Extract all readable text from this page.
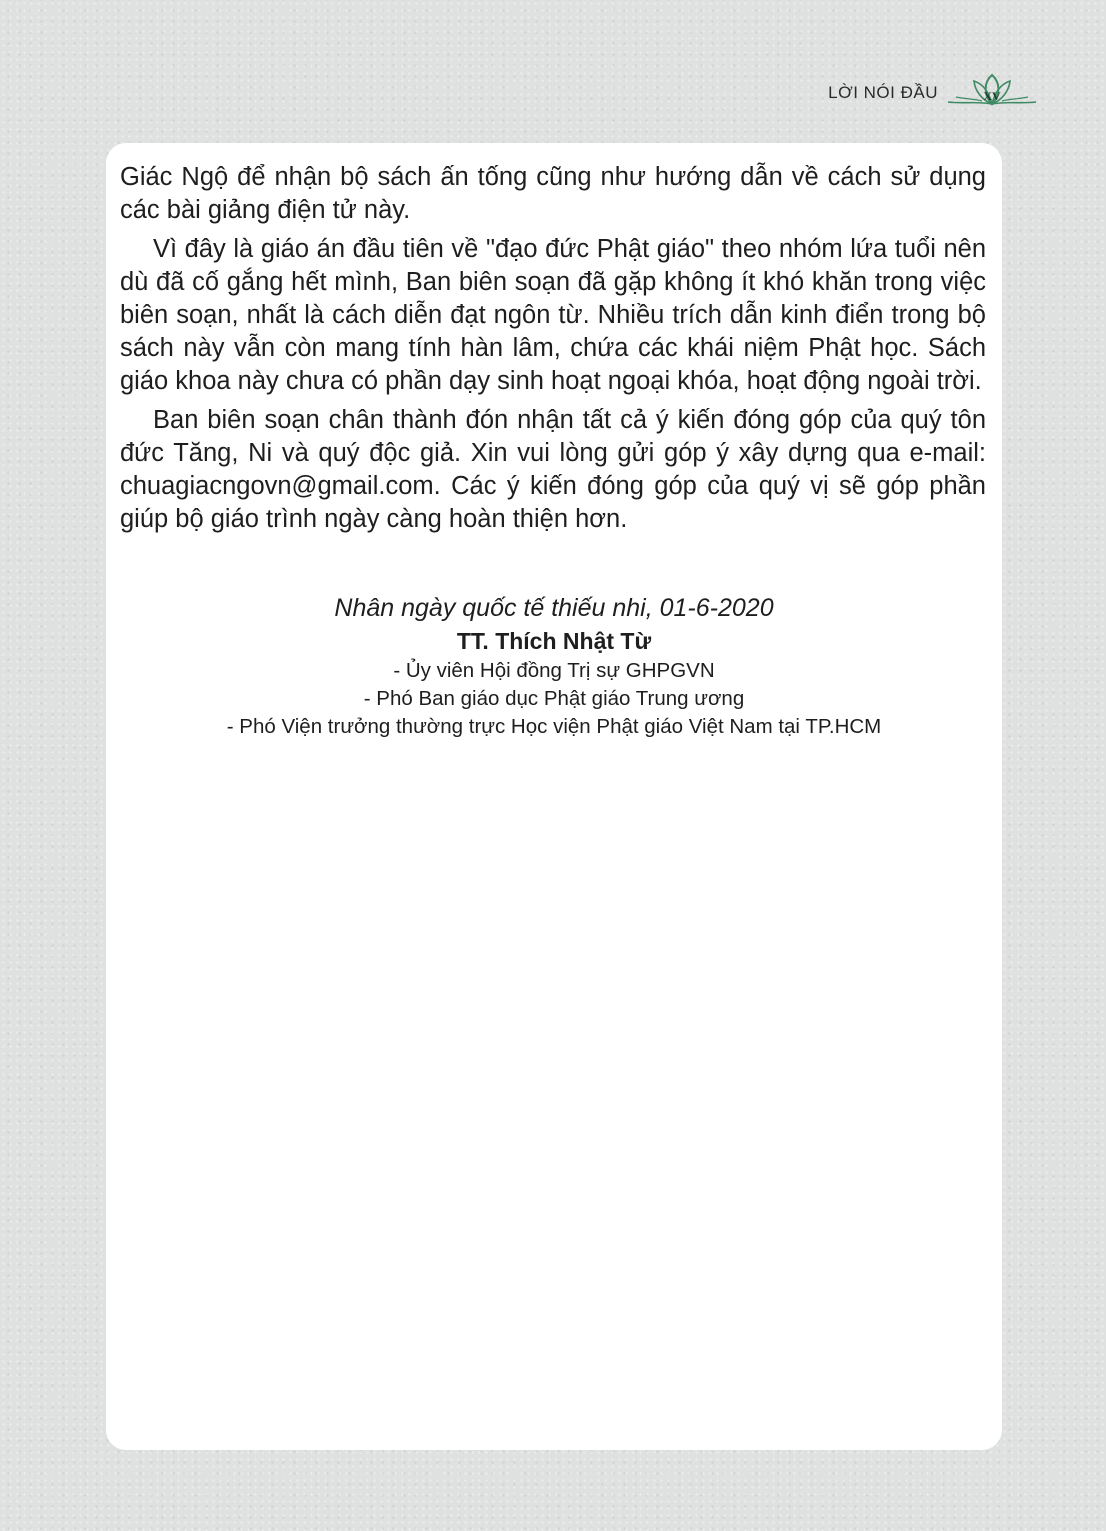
LỜI NÓI ĐẦU	XV

Giác Ngộ để nhận bộ sách ấn tống cũng như hướng dẫn về cách sử dụng các bài giảng điện tử này.

Vì đây là giáo án đầu tiên về "đạo đức Phật giáo" theo nhóm lứa tuổi nên dù đã cố gắng hết mình, Ban biên soạn đã gặp không ít khó khăn trong việc biên soạn, nhất là cách diễn đạt ngôn từ. Nhiều trích dẫn kinh điển trong bộ sách này vẫn còn mang tính hàn lâm, chứa các khái niệm Phật học. Sách giáo khoa này chưa có phần dạy sinh hoạt ngoại khóa, hoạt động ngoài trời.

Ban biên soạn chân thành đón nhận tất cả ý kiến đóng góp của quý tôn đức Tăng, Ni và quý độc giả. Xin vui lòng gửi góp ý xây dựng qua e-mail: chuagiacngovn@gmail.com. Các ý kiến đóng góp của quý vị sẽ góp phần giúp bộ giáo trình ngày càng hoàn thiện hơn.

Nhân ngày quốc tế thiếu nhi, 01-6-2020
TT. Thích Nhật Từ
- Ủy viên Hội đồng Trị sự GHPGVN
- Phó Ban giáo dục Phật giáo Trung ương
- Phó Viện trưởng thường trực Học viện Phật giáo Việt Nam tại TP.HCM
